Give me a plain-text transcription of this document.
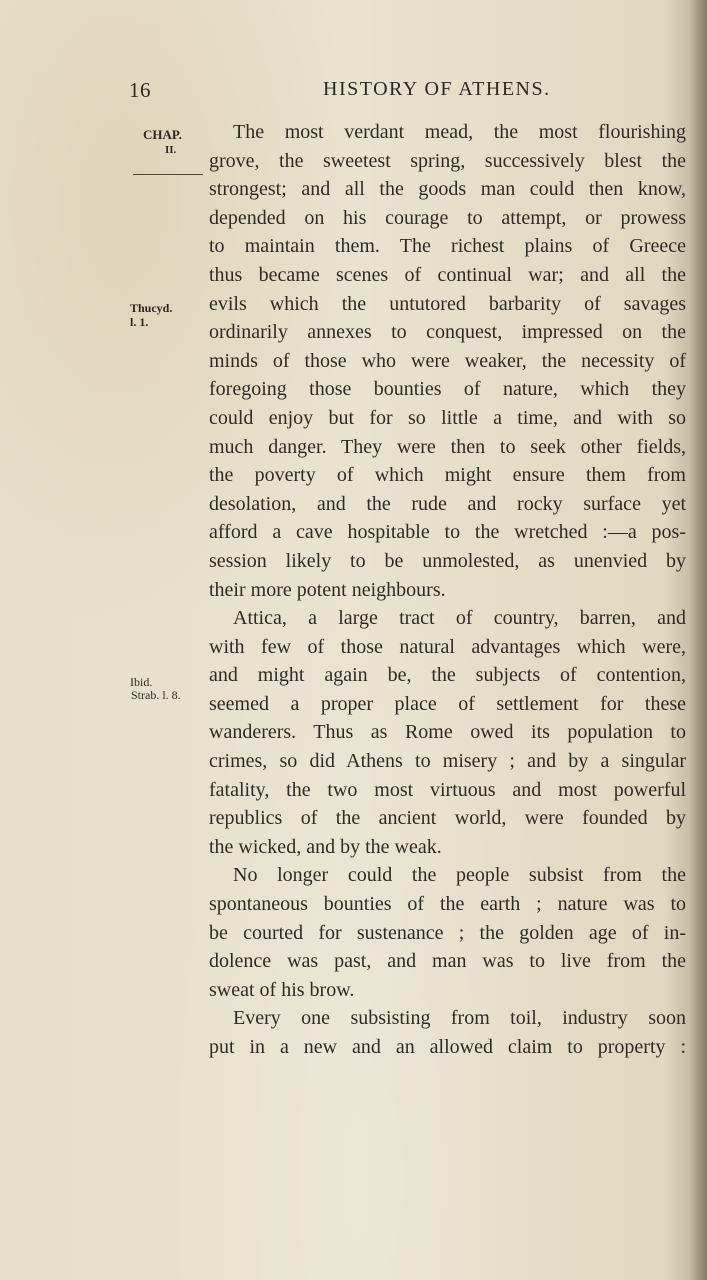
16	HISTORY OF ATHENS.
CHAP.
II.
Thucyd.
l. 1.
Ibid.
Strab. l. 8.
The most verdant mead, the most flourishing
grove, the sweetest spring, successively blest the
strongest; and all the goods man could then know,
depended on his courage to attempt, or prowess
to maintain them. The richest plains of Greece
thus became scenes of continual war; and all the
evils which the untutored barbarity of savages
ordinarily annexes to conquest, impressed on the
minds of those who were weaker, the necessity of
foregoing those bounties of nature, which they
could enjoy but for so little a time, and with so
much danger. They were then to seek other fields,
the poverty of which might ensure them from
desolation, and the rude and rocky surface yet
afford a cave hospitable to the wretched :—a pos-
session likely to be unmolested, as unenvied by
their more potent neighbours.
Attica, a large tract of country, barren, and
with few of those natural advantages which were,
and might again be, the subjects of contention,
seemed a proper place of settlement for these
wanderers. Thus as Rome owed its population to
crimes, so did Athens to misery ; and by a singular
fatality, the two most virtuous and most powerful
republics of the ancient world, were founded by
the wicked, and by the weak.
No longer could the people subsist from the
spontaneous bounties of the earth ; nature was to
be courted for sustenance ; the golden age of in-
dolence was past, and man was to live from the
sweat of his brow.
Every one subsisting from toil, industry soon
put in a new and an allowed claim to property :
